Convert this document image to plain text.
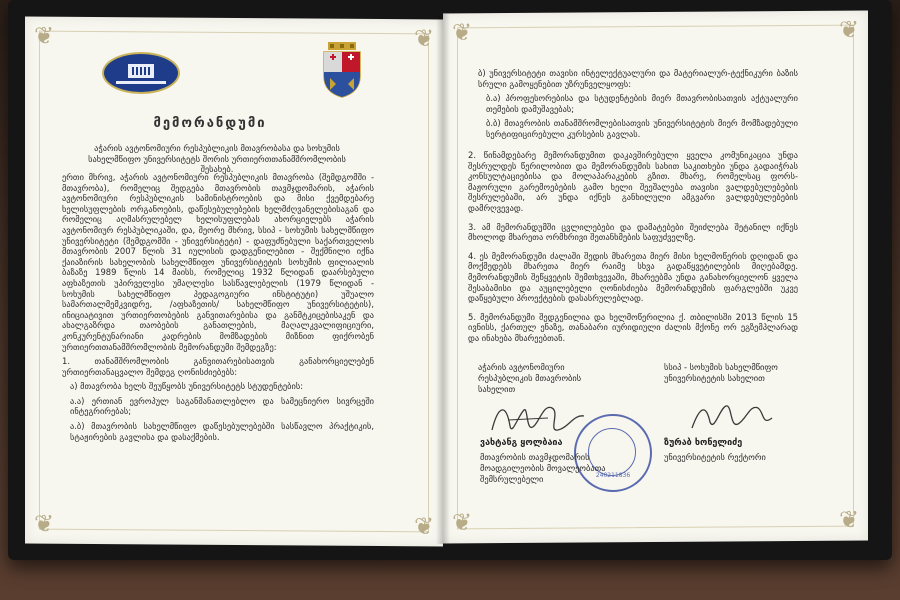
❦	❦
❦	❦
მემორანდუმი
აჭარის ავტონომიური რესპუბლიკის მთავრობასა და სოხუმის სახელმწიფო უნივერსიტეტს შორის ურთიერთთანამშრომლობის შესახებ.

ერთი მხრივ, აჭარის ავტონომიური რესპუბლიკის მთავრობა (შემდგომში - მთავრობა), რომელიც შედგება მთავრობის თავმჯდომარის, აჭარის ავტონომიური რესპუბლიკის სამინისტროების და მისი ქვემდებარე ხელისუფლების ორგანოების, დაწესებულებების ხელმძღვანელებისაგან და რომელიც აღმასრულებელ ხელისუფლებას ახორციელებს აჭარის ავტონომიურ რესპუბლიკაში, და, მეორე მხრივ, სსიპ - სოხუმის სახელმწიფო უნივერსიტეტი (შემდგომში - უნივერსიტეტი) - დაფუძნებული საქართველოს მთავრობის 2007 წლის 31 იულისის დადგენილებით - შექმნილი იქნა ქაიაზირის სახელობის სახელმწიფო უნივერსიტეტის სოხუმის ფილიალის ბაზაზე 1989 წლის 14 მაისს, რომელიც 1932 წლიდან დაარსებული აფხაზეთის უპირველესი უმაღლესი სასწავლებელის (1979 წლიდან - სოხუმის სახელმწიფო პედაგოგიური ინსტიტუტი) უშუალო სამართალმემკვიდრე, /აფხაზეთის/ სახელმწიფო უნივერსიტეტის), ინიციატივით ურთიერთობების განვითარებისა და განმტკიცებისაკენ და ახალგაზრდა თაობების განათლების, მაღალკვალიფიციური, კონკურენტუნარიანი კადრების მომზადების მიზნით ფიქრობენ ურთიერთთანამშრომლობის მემორანდუმი შემდეგზე:

1. თანამშრომლობის განვითარებისათვის განახორციელებენ ურთიერთანაცვალო შემდეგ ღონისძიებებს:

ა) მთავრობა ხელს შეუწყობს უნივერსიტეტს სტუდენტების:

ა.ა) ერთიან ევროპულ საგანმანათლებლო და სამეცნიერო სივრცეში ინტეგრირებას;

ა.ბ) მთავრობის სახელმწიფო დაწესებულებებში სასწავლო პრაქტიკის, სტაჟირების გავლისა და დასაქმების.

❦	❦
❦	❦

ბ) უნივერსიტეტი თავისი ინტელექტუალური და მატერიალურ-ტექნიკური ბაზის სრული გამოყენებით უზრუნველყოფს:

ბ.ა) პროფესორებისა და სტუდენტების მიერ მთავრობისათვის აქტუალური თემების დამუშავებას;

ბ.ბ) მთავრობის თანამშრომლებისათვის უნივერსიტეტის მიერ მომზადებული სერტიფიცირებული კურსების გავლას.

2. წინამდებარე მემორანდუმით დაკავშირებული ყველა კომუნიკაცია უნდა შესრულდეს წერილობით და მემორანდუმის სახით საკითხები უნდა გადაიჭრას კონსულტაციებისა და მოლაპარაკების გზით. მხარე, რომელსაც ფორს-მაჟორული გარემოებების გამო ხელი შეეშალება თავისი ვალდებულებების შესრულებაში, არ უნდა იქნეს განხილული ამგვარი ვალდებულებების დამრღვევად.

3. ამ მემორანდუმში ცვლილებები და დამატებები შეიძლება შეტანილ იქნეს მხოლოდ მხარეთა ორმხრივი შეთანხმების საფუძველზე.

4. ეს მემორანდუმი ძალაში შედის მხარეთა მიერ მისი ხელმოწერის დღიდან და მოქმედებს მხარეთა მიერ რაიმე სხვა გადაწყვეტილების მიღებამდე. მემორანდუმის შეწყვეტის შემთხვევაში, მხარეებმა უნდა განახორციელონ ყველა შესაბამისი და აუცილებელი ღონისძიება მემორანდუმის ფარგლებში უკვე დაწყებული პროექტების დასასრულებლად.

5. მემორანდუმი შედგენილია და ხელმოწერილია ქ. თბილისში 2013 წლის 15 ივნისს, ქართულ ენაზე, თანაბარი იურიდიული ძალის მქონე ორ ეგზემპლარად და ინახება მხარეებთან.

აჭარის ავტონომიური რესპუბლიკის მთავრობის სახელით
სსიპ - სოხუმის სახელმწიფო უნივერსიტეტის სახელით
240211836
ვახტანგ ყოლბაია
მთავრობის თავმჯდომარის მოადგილეობის მოვალეობათა შემსრულებელი
ზურაბ ხონელიძე
უნივერსიტეტის რექტორი
